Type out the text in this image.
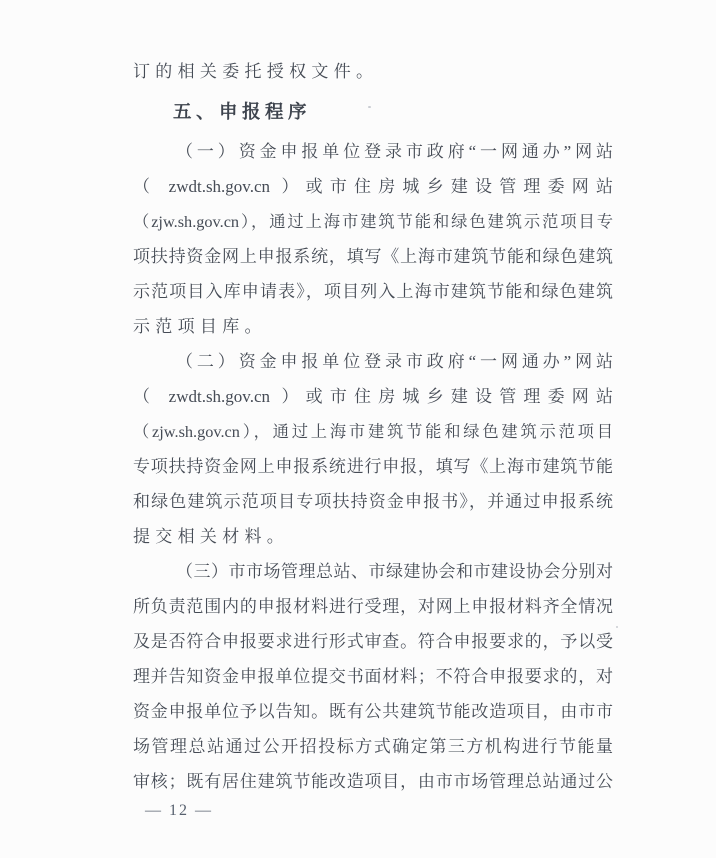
订的相关委托授权文件。
五、申报程序
（一）资金申报单位登录市政府“一网通办”网站
（ zwdt.sh.gov.cn ）或市住房城乡建设管理委网站
（zjw.sh.gov.cn），通过上海市建筑节能和绿色建筑示范项目专
项扶持资金网上申报系统，填写《上海市建筑节能和绿色建筑
示范项目入库申请表》，项目列入上海市建筑节能和绿色建筑
示范项目库。
（二）资金申报单位登录市政府“一网通办”网站
（ zwdt.sh.gov.cn ）或市住房城乡建设管理委网站
（zjw.sh.gov.cn），通过上海市建筑节能和绿色建筑示范项目
专项扶持资金网上申报系统进行申报，填写《上海市建筑节能
和绿色建筑示范项目专项扶持资金申报书》，并通过申报系统
提交相关材料。
（三）市市场管理总站、市绿建协会和市建设协会分别对
所负责范围内的申报材料进行受理，对网上申报材料齐全情况
及是否符合申报要求进行形式审查。符合申报要求的，予以受
理并告知资金申报单位提交书面材料；不符合申报要求的，对
资金申报单位予以告知。既有公共建筑节能改造项目，由市市
场管理总站通过公开招投标方式确定第三方机构进行节能量
审核；既有居住建筑节能改造项目，由市市场管理总站通过公
— 12 —
